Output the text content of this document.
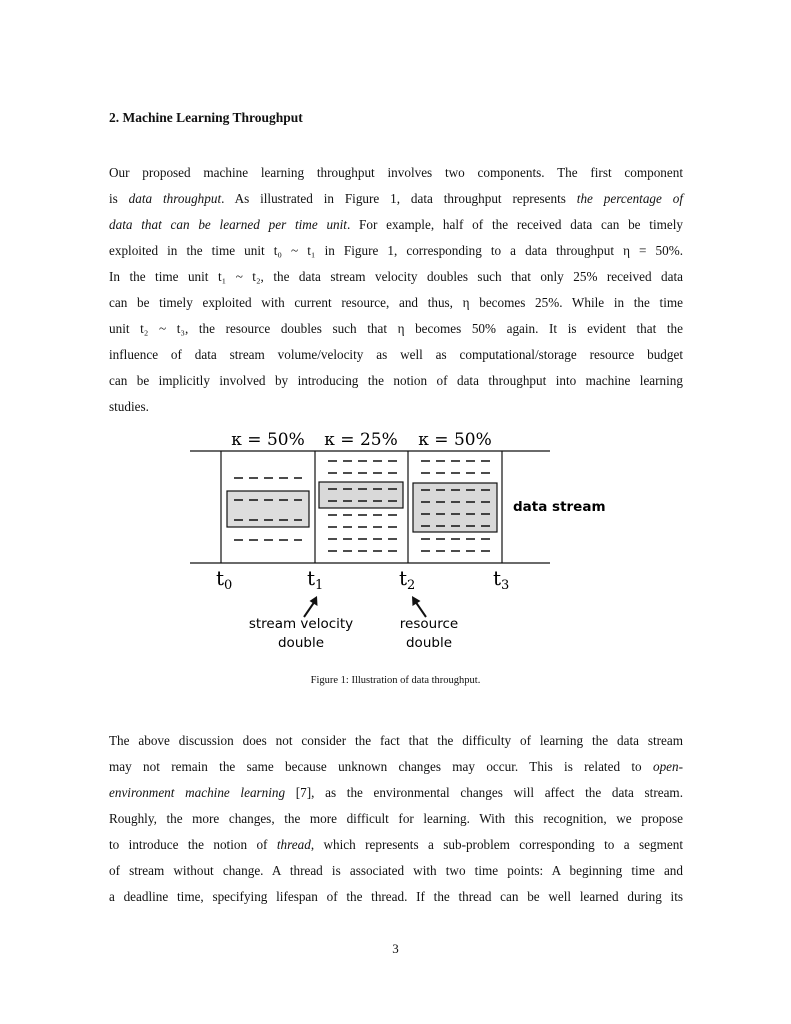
2. Machine Learning Throughput
Our proposed machine learning throughput involves two components. The first component
is data throughput. As illustrated in Figure 1, data throughput represents the percentage of
data that can be learned per time unit. For example, half of the received data can be timely
exploited in the time unit t₀ ~ t₁ in Figure 1, corresponding to a data throughput η = 50%.
In the time unit t₁ ~ t₂, the data stream velocity doubles such that only 25% received data
can be timely exploited with current resource, and thus, η becomes 25%. While in the time
unit t₂ ~ t₃, the resource doubles such that η becomes 50% again. It is evident that the
influence of data stream volume/velocity as well as computational/storage resource budget
can be implicitly involved by introducing the notion of data throughput into machine learning
studies.
κ = 50% κ = 25% κ = 50%
data stream
$t_0$	$t_1$	$t_2$	$t_3$
stream velocity
double
resource
double

Figure 1: Illustration of data throughput.

The above discussion does not consider the fact that the difficulty of learning the data stream
may not remain the same because unknown changes may occur. This is related to open-
environment machine learning [7], as the environmental changes will affect the data stream.
Roughly, the more changes, the more difficult for learning. With this recognition, we propose
to introduce the notion of thread, which represents a sub-problem corresponding to a segment
of stream without change. A thread is associated with two time points: A beginning time and
a deadline time, specifying lifespan of the thread. If the thread can be well learned during its

3
